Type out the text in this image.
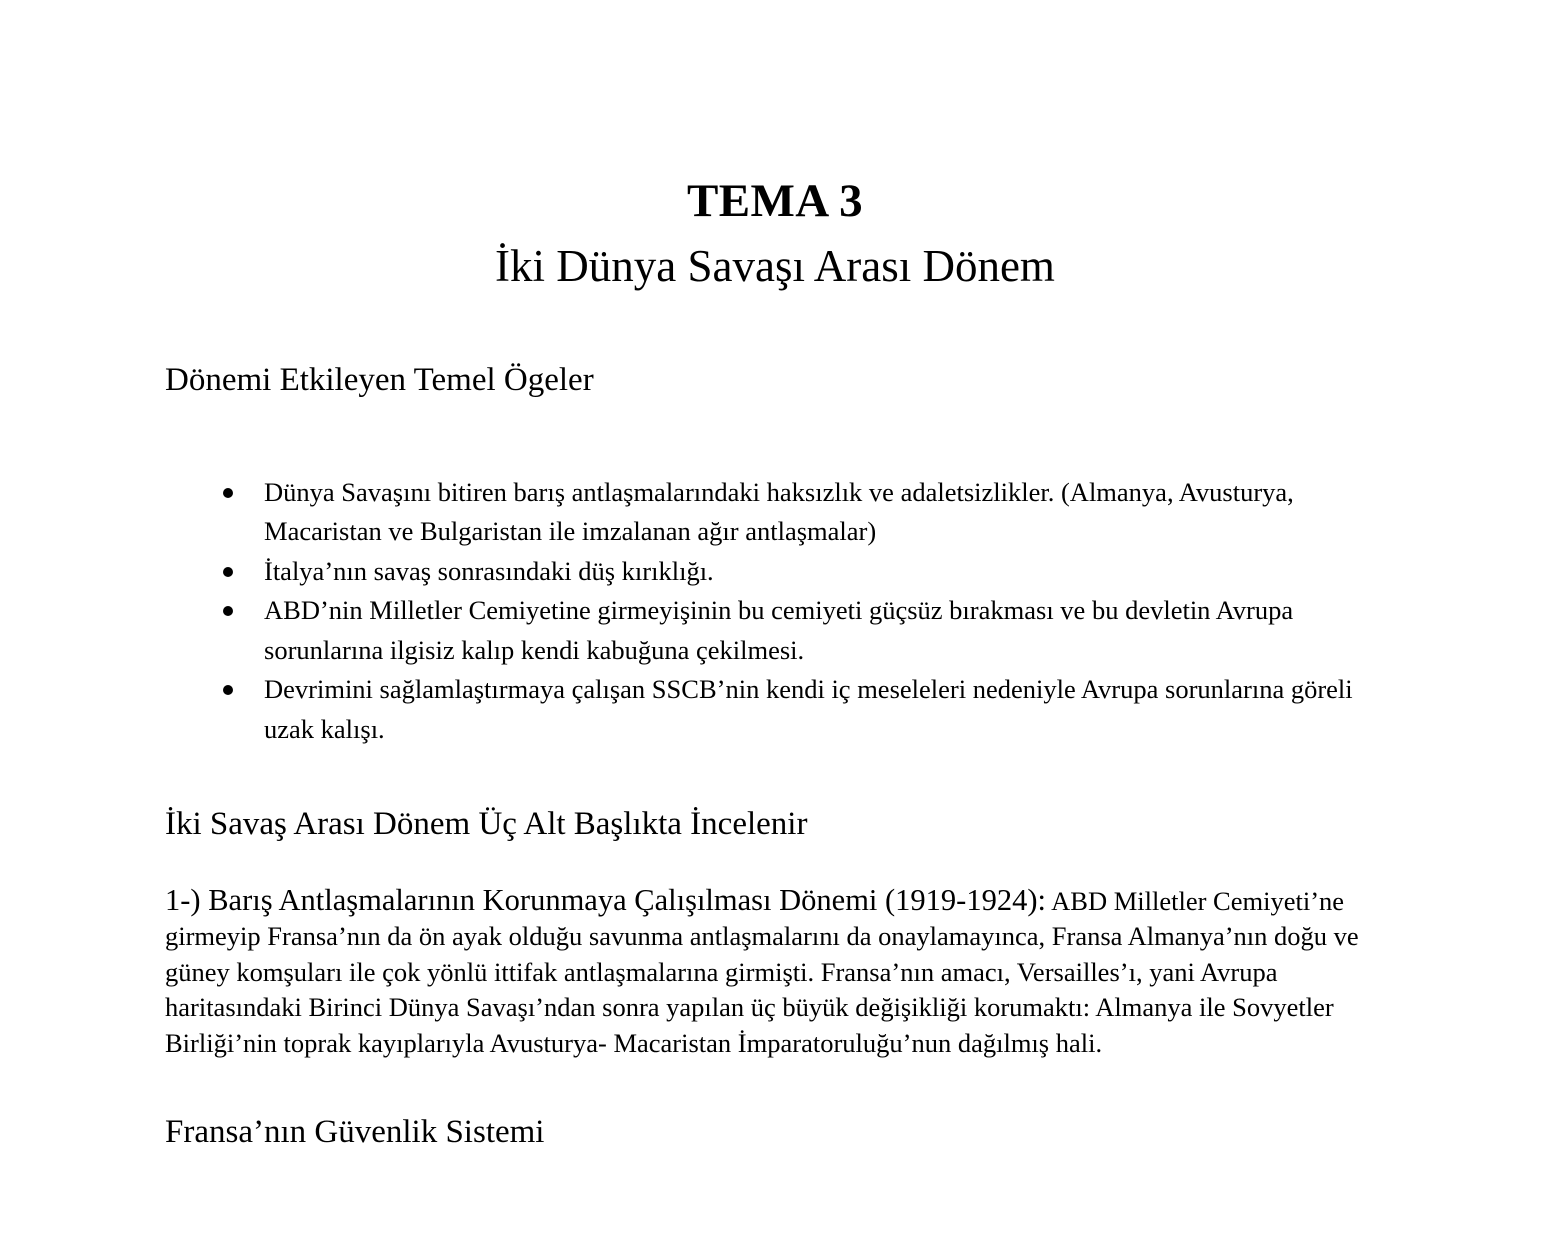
TEMA 3
İki Dünya Savaşı Arası Dönem
Dönemi Etkileyen Temel Ögeler
Dünya Savaşını bitiren barış antlaşmalarındaki haksızlık ve adaletsizlikler. (Almanya, Avusturya, Macaristan ve Bulgaristan ile imzalanan ağır antlaşmalar)
İtalya’nın savaş sonrasındaki düş kırıklığı.
ABD’nin Milletler Cemiyetine girmeyişinin bu cemiyeti güçsüz bırakması ve bu devletin Avrupa sorunlarına ilgisiz kalıp kendi kabuğuna çekilmesi.
Devrimini sağlamlaştırmaya çalışan SSCB’nin kendi iç meseleleri nedeniyle Avrupa sorunlarına göreli uzak kalışı.
İki Savaş Arası Dönem Üç Alt Başlıkta İncelenir

1-) Barış Antlaşmalarının Korunmaya Çalışılması Dönemi (1919-1924): ABD Milletler Cemiyeti’ne girmeyip Fransa’nın da ön ayak olduğu savunma antlaşmalarını da onaylamayınca, Fransa Almanya’nın doğu ve güney komşuları ile çok yönlü ittifak antlaşmalarına girmişti. Fransa’nın amacı, Versailles’ı, yani Avrupa haritasındaki Birinci Dünya Savaşı’ndan sonra yapılan üç büyük değişikliği korumaktı: Almanya ile Sovyetler Birliği’nin toprak kayıplarıyla Avusturya- Macaristan İmparatoruluğu’nun dağılmış hali.

Fransa’nın Güvenlik Sistemi
